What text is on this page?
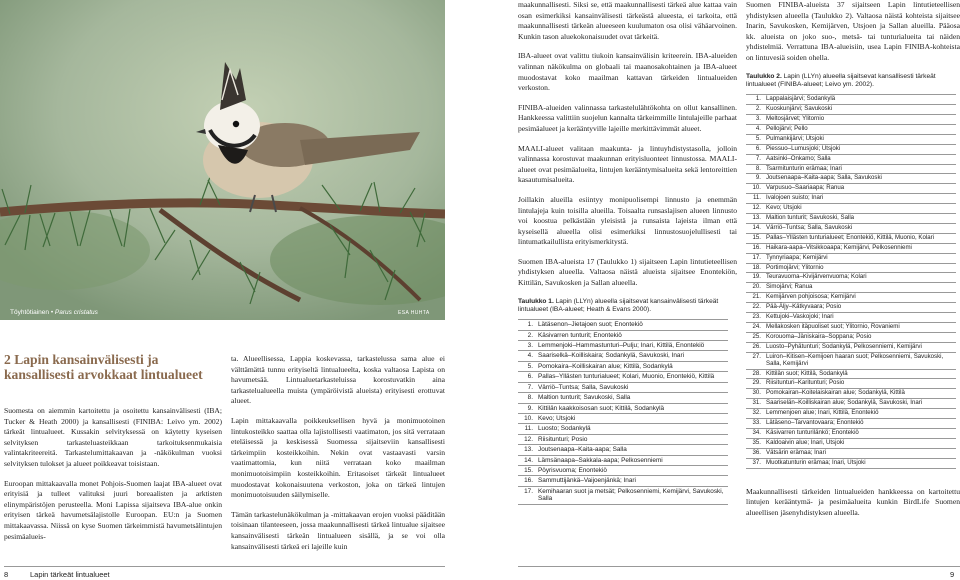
Töyhtötiainen • Parus cristatus	ESA HUHTA
2 Lapin kansainvälisesti ja kansallisesti arvokkaat lintualueet

Suomesta on aiemmin kartoitettu ja osoitettu kansainvälisesti (IBA; Tucker & Heath 2000) ja kansallisesti (FINIBA: Leivo ym. 2002) tärkeät lintualueet. Kussakin selvityksessä on käytetty kyseisen selvityksen tarkasteluasteikkaan tarkoituksenmukaisia valintakriteereitä. Tarkastelumittakaavan ja -näkökulman vuoksi selvityksen tulokset ja alueet poikkeavat toisistaan.

Euroopan mittakaavalla monet Pohjois-Suomen laajat IBA-alueet ovat erityisiä ja tulleet valituksi juuri boreaalisten ja arktisten elinympäristöjen perusteella. Moni Lapissa sijaitseva IBA-alue onkin erityisen tärkeä havumetsälajistolle Euroopan. EU:n ja Suomen mittakaavassa. Niissä on kyse Suomen tärkeimmistä havumetsälintujen pesimäalueis-

ta. Alueellisessa, Lappia koskevassa, tarkastelussa sama alue ei välttämättä tunnu erityiseltä lintualueelta, koska valtaosa Lapista on havumetsää. Lintualuetarkasteluissa korostuvatkin aina tarkastelualueella muista (ympäröivistä alueista) erityisesti erottuvat alueet.

Lapin mittakaavalla poikkeuksellisen hyvä ja monimuotoinen lintukosteikko saattaa olla lajistollisesti vaatimaton, jos sitä verrataan eteläisessä ja keskisessä Suomessa sijaitseviin kansallisesti tärkeimpiin kosteikkoihin. Nekin ovat vastaavasti varsin vaatimattomia, kun niitä verrataan koko maailman monimuotoisimpiin kosteikkoihin. Eritasoiset tärkeät lintualueet muodostavat kokonaisuutena verkoston, joka on tärkeä lintujen monimuotoisuuden säilymiselle.

Tämän tarkastelunäkökulman ja -mittakaavan erojen vuoksi pääditään toisinaan tilanteeseen, jossa maakunnallisesti tärkeä lintualue sijaitsee kansainvälisesti tärkeän lintualueen sisällä, ja se voi olla kansainvälisesti tärkeä eri lajeille kuin

maakunnallisesti. Siksi se, että maakunnallisesti tärkeä alue kattaa vain osan esimerkiksi kansainvälisesti tärkeästä alueesta, ei tarkoita, että maakunnallisesti tärkeän alueeseen kuulumaton osa olisi vähäarvoinen. Kunkin tason aluekokonaisuudet ovat tärkeitä.

IBA-alueet ovat valittu tiukoin kansainvälisin kriteerein. IBA-alueiden valinnan näkökulma on globaali tai maanosakohtainen ja IBA-alueet muodostavat koko maailman kattavan tärkeiden lintualueiden verkoston.

FINIBA-alueiden valinnassa tarkastelulähtökohta on ollut kansallinen. Hankkeessa valittiin suojelun kannalta tärkeimmille lintulajeille parhaat pesimäalueet ja kerääntyville lajeille merkittävimmät alueet.

MAALI-alueet valitaan maakunta- ja lintuyhdistystasolla, jolloin valinnassa korostuvat maakunnan erityisluonteet linnustossa. MAALI-alueet ovat pesimäalueita, lintujen kerääntymisalueita sekä lentoreittien kasautumisalueita.

Joillakin alueilla esiintyy monipuolisempi linnusto ja enemmän lintulajeja kuin toisilla alueilla. Toisaalta runsaslajisen alueen linnusto voi koostua pelkästään yleisistä ja runsaista lajeista ilman että kyseisellä alueella olisi esimerkiksi linnustosuojelullisesti tai lintumatkailullista erityismerkitystä.

Suomen IBA-alueista 17 (Taulukko 1) sijaitseen Lapin lintutieteellisen yhdistyksen alueella. Valtaosa näistä alueista sijaitsee Enontekiön, Kittilän, Savukosken ja Sallan alueella.

Taulukko 1. Lapin (LLYn) alueella sijaitsevat kansainvälisesti tärkeät lintualueet (IBA-alueet; Heath & Evans 2000).
1.	Lätäsenon–Jietajoen suot; Enontekiö
2.	Käsivarren tunturit; Enontekiö
3.	Lemmenjoki–Hammastunturi–Pulju; Inari, Kittilä, Enontekiö
4.	Saariselkä–Koilliskaira; Sodankylä, Savukoski, Inari
5.	Pomokaira–Koilliskairan alue; Kittilä, Sodankylä
6.	Pallas–Yllästen tunturialueet; Kolari, Muonio, Enontekiö, Kittilä
7.	Värriö–Tuntsa; Salla, Savukoski
8.	Maltion tunturit; Savukoski, Salla
9.	Kittilän kaakkoisosan suot; Kittilä, Sodankylä
10.	Kevo; Utsjoki
11.	Luosto; Sodankylä
12.	Riisitunturi; Posio
13.	Joutsenaapa–Kaita-aapa; Salla
14.	Lämsänaapa–Sakkala-aapa; Pelkosenniemi
15.	Pöyrisvuoma; Enontekiö
16.	Sammuttijänkä–Vaijoenjänkä; Inari
17.	Kemihaaran suot ja metsät; Pelkosenniemi, Kemijärvi, Savukoski, Salla

Suomen FINIBA-alueista 37 sijaitseen Lapin lintutieteellisen yhdistyksen alueella (Taulukko 2). Valtaosa näistä kohteista sijaitsee Inarin, Savukosken, Kemijärven, Utsjoen ja Sallan alueilla. Pääosa kk. alueista on joko suo-, metsä- tai tunturialueita tai näiden yhdistelmiä. Verrattuna IBA-alueisiin, usea Lapin FINIBA-kohteista on lintuvesiä soiden ohella.

Taulukko 2. Lapin (LLYn) alueella sijaitsevat kansallisesti tärkeät lintualueet (FINIBA-alueet; Leivo ym. 2002).
1.	Lappalaisjärvi; Sodankylä
2.	Kuoskunjärvi; Savukoski
3.	Meltosjärvet; Ylitornio
4.	Pellojärvi; Pello
5.	Pulmankijärvi; Utsjoki
6.	Piessuo–Lumusjoki; Utsjoki
7.	Aatsinki–Onkamo; Salla
8.	Tsarmitunturin erämaa; Inari
9.	Joutsenaapa–Kaita-aapa; Salla, Savukoski
10.	Varpusuo–Saariaapa; Ranua
11.	Ivalojoen suisto; Inari
12.	Kevo; Utsjoki
13.	Maltion tunturit; Savukoski, Salla
14.	Värriö–Tuntsa; Salla, Savukoski
15.	Pallas–Yllästen tunturialueet; Enontekiö, Kittilä, Muonio, Kolari
16.	Haikara-aapa–Vitsikkoaapa; Kemijärvi, Pelkosenniemi
17.	Tynnyriaapa; Kemijärvi
18.	Portimojärvi; Ylitornio
19.	Teuravuoma–Kivijärvenvuoma; Kolari
20.	Simojärvi; Ranua
21.	Kemijärven pohjoisosa; Kemijärvi
22.	Pää-Äljy–Kätkyvaara; Posio
23.	Kettujoki–Vaskojoki; Inari
24.	Mellakosken itäpuoliset suot; Ylitornio, Rovaniemi
25.	Korouoma–Jäniskaira–Soppana; Posio
26.	Luosto–Pyhätunturi; Sodankylä, Pelkosenniemi, Kemijärvi
27.	Luiron–Kitisen–Kemijoen haaran suot; Pelkosenniemi, Savukoski, Salla, Kemijärvi
28.	Kittilän suot; Kittilä, Sodankylä
29.	Riisitunturi–Karitunturi; Posio
30.	Pomokairan–Koitelaiskairan alue; Sodankylä, Kittilä
31.	Saariselän–Koilliskairan alue; Sodankylä, Savukoski, Inari
32.	Lemmenjoen alue; Inari, Kittilä, Enontekiö
33.	Lätäseno–Tarvantovaara; Enontekiö
34.	Käsivarren tunturilänkö; Enontekiö
35.	Kaldoaivin alue; Inari, Utsjoki
36.	Vätsärin erämaa; Inari
37.	Muotkatunturin erämaa; Inari, Utsjoki

Maakunnallisesti tärkeiden lintualueiden hankkeessa on kartoitettu lintujen kerääntymä- ja pesimäalueita kunkin BirdLife Suomen alueellisen jäsenyhdistyksen alueella.

8	Lapin tärkeät lintualueet	9
